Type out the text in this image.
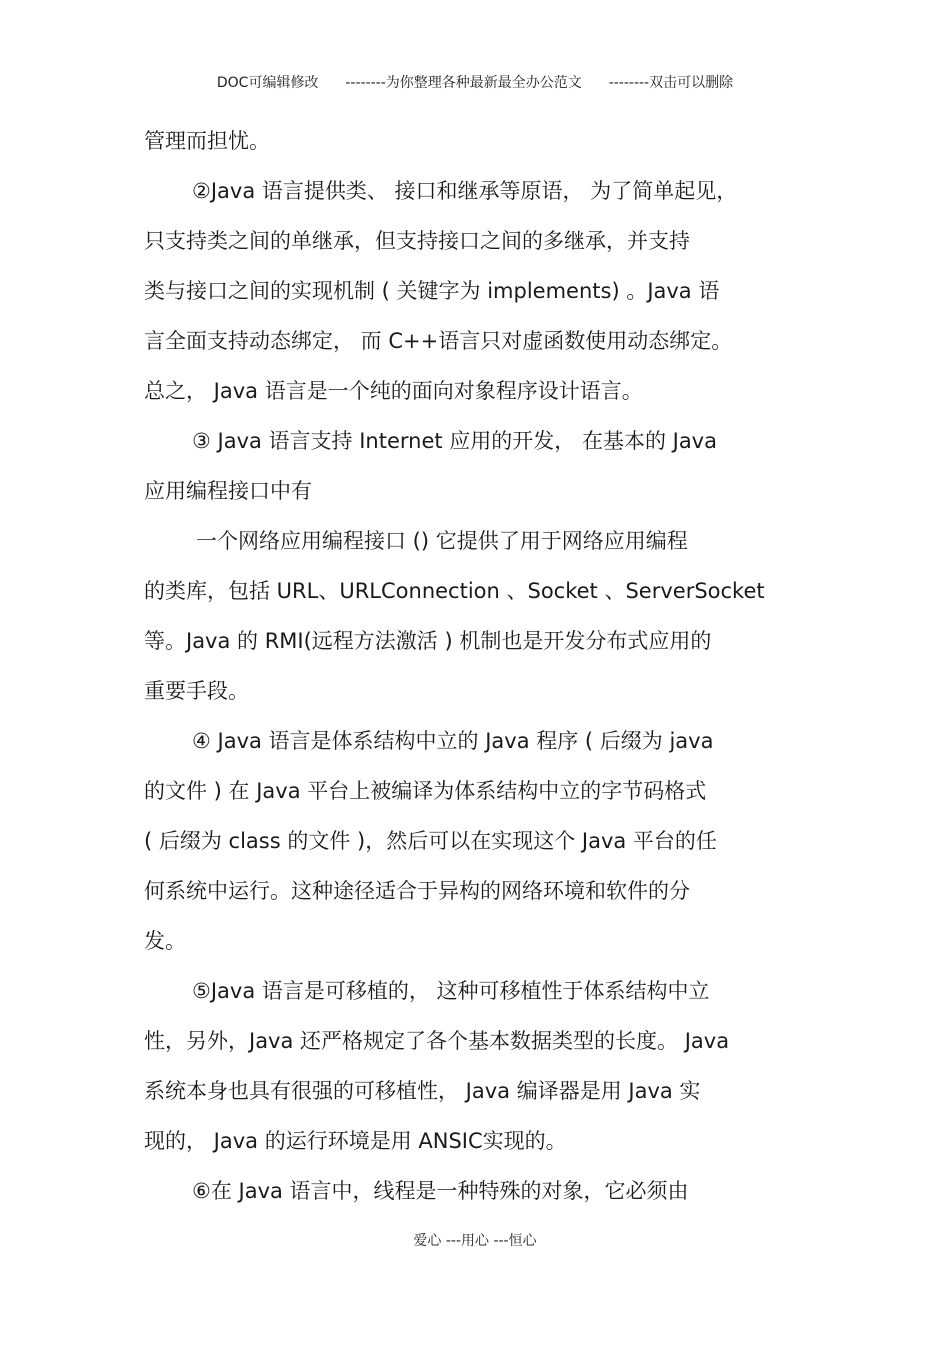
DOC可编辑修改 --------为你整理各种最新最全办公范文 --------双击可以删除
管理而担忧。
②Java 语言提供类、 接口和继承等原语， 为了简单起见，
只支持类之间的单继承，但支持接口之间的多继承，并支持
类与接口之间的实现机制 ( 关键字为 implements) 。Java 语
言全面支持动态绑定， 而 C++语言只对虚函数使用动态绑定。
总之， Java 语言是一个纯的面向对象程序设计语言。
③ Java 语言支持 Internet 应用的开发， 在基本的 Java
应用编程接口中有
一个网络应用编程接口 () 它提供了用于网络应用编程
的类库，包括 URL、URLConnection 、Socket 、ServerSocket
等。Java 的 RMI(远程方法激活 ) 机制也是开发分布式应用的
重要手段。
④ Java 语言是体系结构中立的 Java 程序 ( 后缀为 java
的文件 ) 在 Java 平台上被编译为体系结构中立的字节码格式
( 后缀为 class 的文件 )，然后可以在实现这个 Java 平台的任
何系统中运行。这种途径适合于异构的网络环境和软件的分
发。
⑤Java 语言是可移植的， 这种可移植性于体系结构中立
性，另外，Java 还严格规定了各个基本数据类型的长度。 Java
系统本身也具有很强的可移植性， Java 编译器是用 Java 实
现的， Java 的运行环境是用 ANSIC实现的。
⑥在 Java 语言中，线程是一种特殊的对象，它必须由
爱心 ---用心 ---恒心
